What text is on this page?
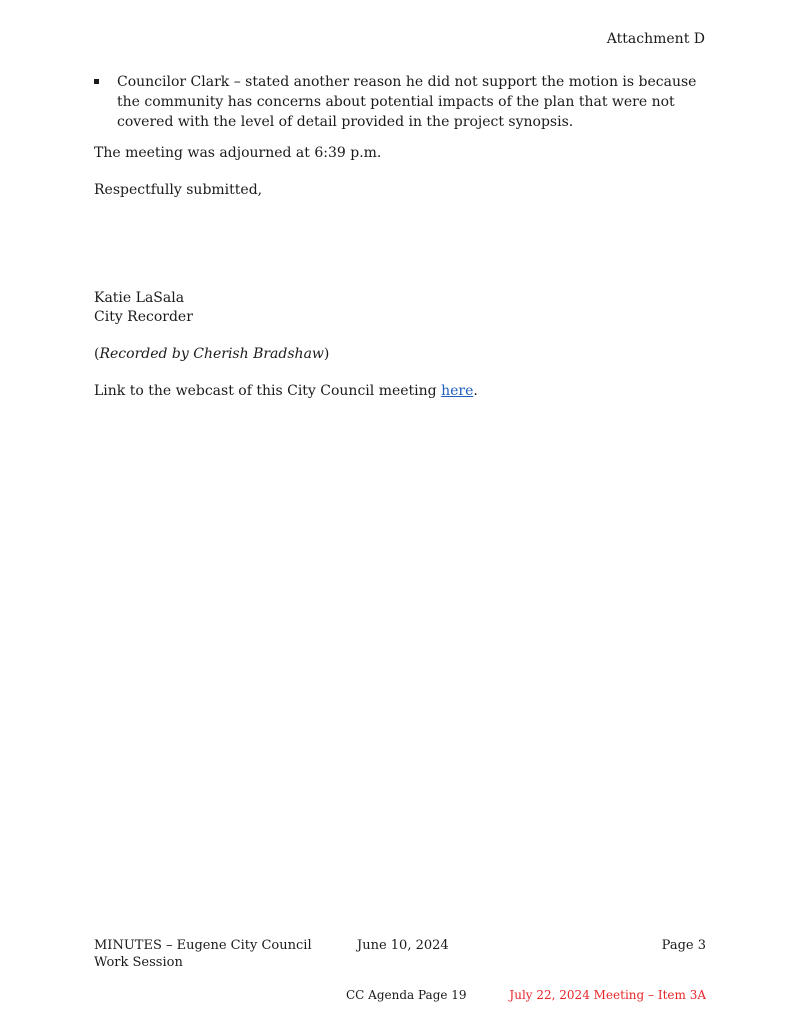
Attachment D
Councilor Clark – stated another reason he did not support the motion is because the community has concerns about potential impacts of the plan that were not covered with the level of detail provided in the project synopsis.
The meeting was adjourned at 6:39 p.m.
Respectfully submitted,
Katie LaSala
City Recorder
(Recorded by Cherish Bradshaw)
Link to the webcast of this City Council meeting here.
MINUTES – Eugene City Council
Work Session
June 10, 2024	Page 3
CC Agenda Page 19	July 22, 2024 Meeting – Item 3A
